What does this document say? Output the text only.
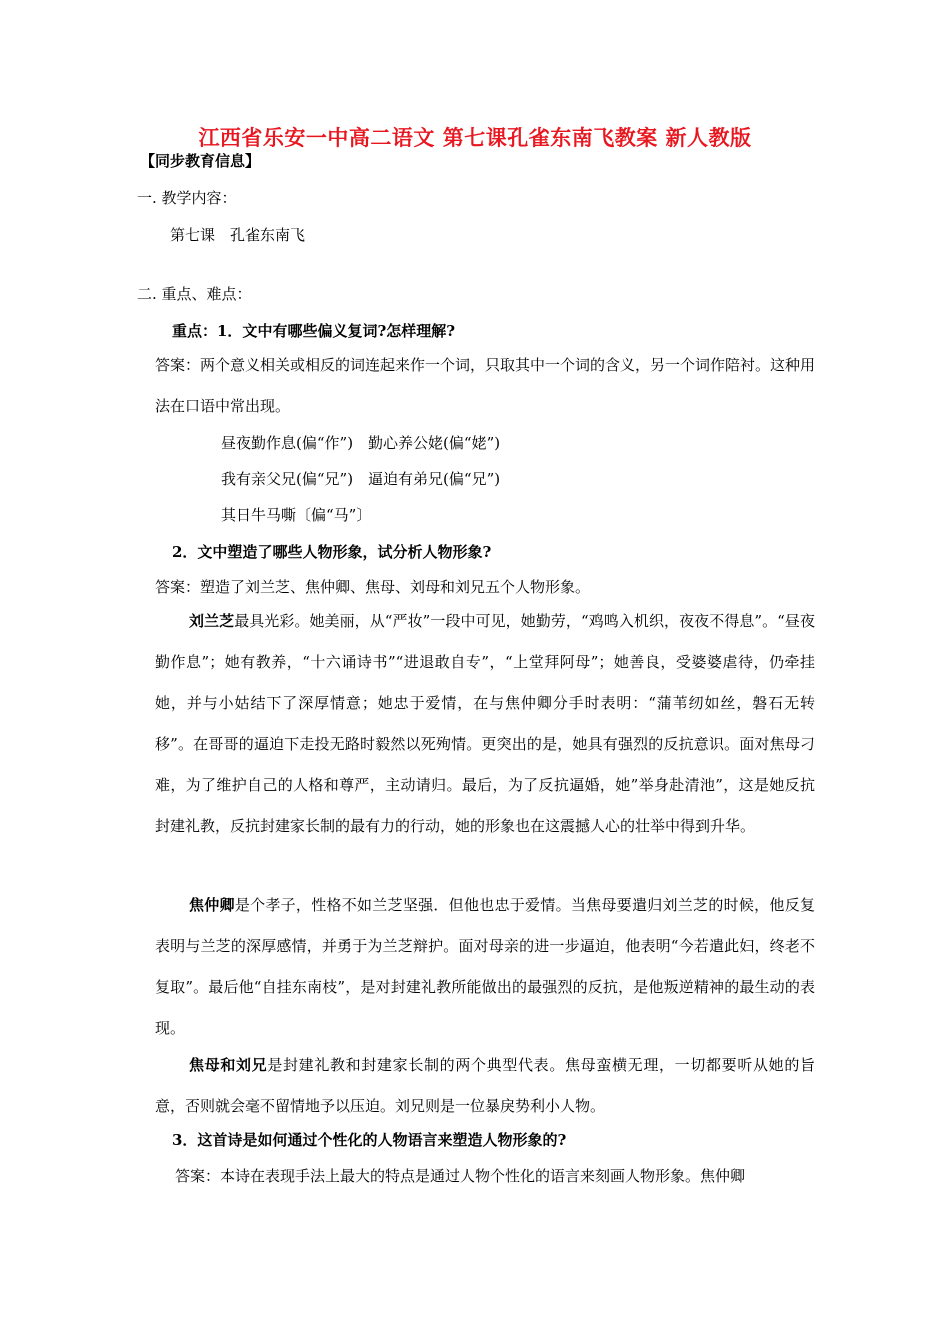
江西省乐安一中高二语文 第七课孔雀东南飞教案 新人教版
【同步教育信息】
一. 教学内容：
第七课　孔雀东南飞
二. 重点、难点：
重点：1．文中有哪些偏义复词?怎样理解?
答案：两个意义相关或相反的词连起来作一个词，只取其中一个词的含义，另一个词作陪衬。这种用法在口语中常出现。
昼夜勤作息(偏“作”)　勤心养公姥(偏“姥”)
我有亲父兄(偏“兄”)　逼迫有弟兄(偏“兄”)
其日牛马嘶〔偏“马”〕
2．文中塑造了哪些人物形象，试分析人物形象?
答案：塑造了刘兰芝、焦仲卿、焦母、刘母和刘兄五个人物形象。
刘兰芝最具光彩。她美丽，从“严妆”一段中可见，她勤劳，“鸡鸣入机织，夜夜不得息”。“昼夜勤作息”；她有教养，“十六诵诗书”“进退敢自专”，“上堂拜阿母”；她善良，受婆婆虐待，仍牵挂她，并与小姑结下了深厚情意；她忠于爱情，在与焦仲卿分手时表明：“蒲苇纫如丝，磐石无转移”。在哥哥的逼迫下走投无路时毅然以死殉情。更突出的是，她具有强烈的反抗意识。面对焦母刁难，为了维护自己的人格和尊严，主动请归。最后，为了反抗逼婚，她”举身赴清池”，这是她反抗封建礼教，反抗封建家长制的最有力的行动，她的形象也在这震撼人心的壮举中得到升华。
焦仲卿是个孝子，性格不如兰芝坚强．但他也忠于爱情。当焦母要遣归刘兰芝的时候，他反复表明与兰芝的深厚感情，并勇于为兰芝辩护。面对母亲的进一步逼迫，他表明“今若遣此妇，终老不复取”。最后他“自挂东南枝”，是对封建礼教所能做出的最强烈的反抗，是他叛逆精神的最生动的表现。
焦母和刘兄是封建礼教和封建家长制的两个典型代表。焦母蛮横无理，一切都要听从她的旨意，否则就会毫不留情地予以压迫。刘兄则是一位暴戾势利小人物。
3．这首诗是如何通过个性化的人物语言来塑造人物形象的?
答案：本诗在表现手法上最大的特点是通过人物个性化的语言来刻画人物形象。焦仲卿
